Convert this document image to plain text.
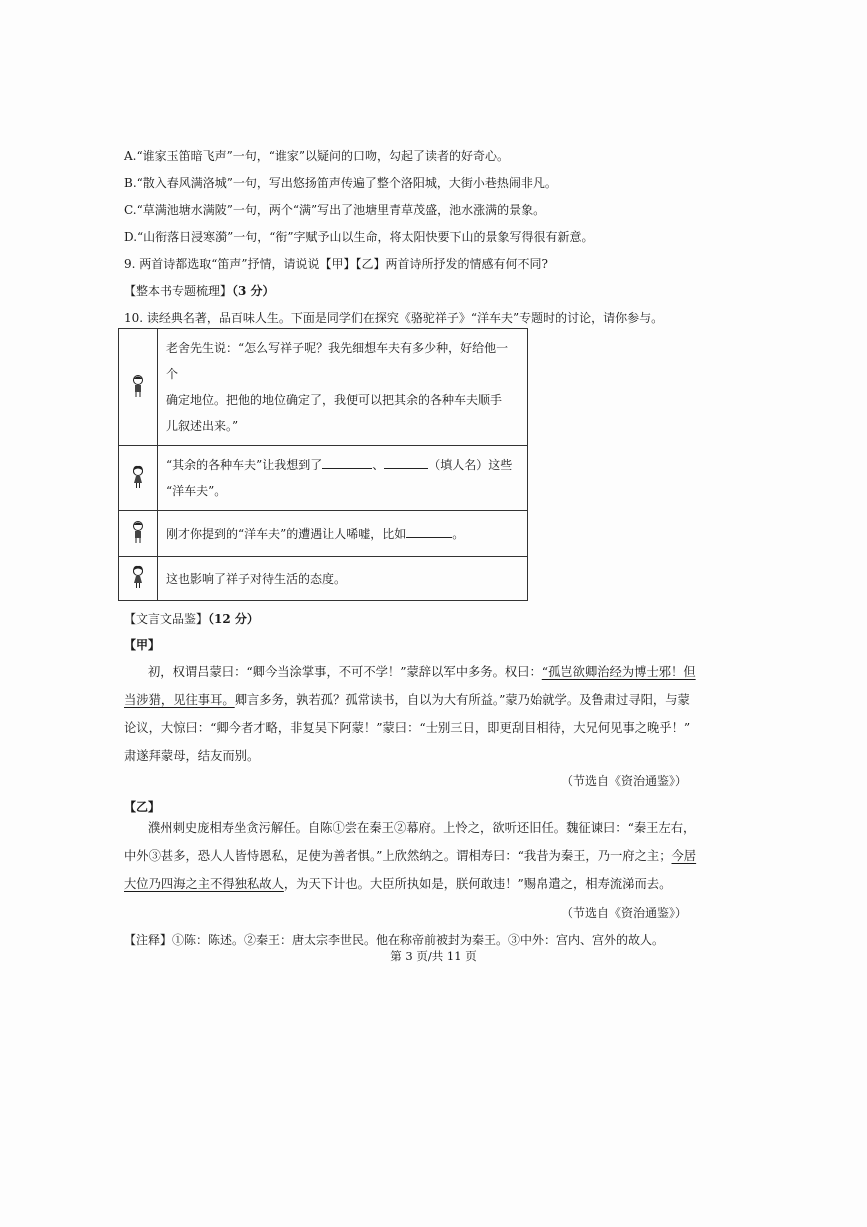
A.“谁家玉笛暗飞声”一句，“谁家”以疑问的口吻，勾起了读者的好奇心。
B.“散入春风满洛城”一句，写出悠扬笛声传遍了整个洛阳城，大街小巷热闹非凡。
C.“草满池塘水满陂”一句，两个“满”写出了池塘里青草茂盛，池水涨满的景象。
D.“山衔落日浸寒漪”一句，“衔”字赋予山以生命，将太阳快要下山的景象写得很有新意。
9. 两首诗都选取“笛声”抒情，请说说【甲】【乙】两首诗所抒发的情感有何不同?
【整本书专题梳理】（3 分）
10. 读经典名著，品百味人生。下面是同学们在探究《骆驼祥子》“洋车夫”专题时的讨论，请你参与。

老舍先生说：“怎么写祥子呢？我先细想车夫有多少种，好给他一个
确定地位。把他的地位确定了，我便可以把其余的各种车夫顺手
儿叙述出来。”

“其余的各种车夫”让我想到了 、 （填人名）这些
“洋车夫”。

	刚才你提到的“洋车夫”的遭遇让人唏嘘，比如 。
	这也影响了祥子对待生活的态度。
【文言文品鉴】（12 分）
【甲】

初，权谓吕蒙曰：“卿今当涂掌事，不可不学！”蒙辞以军中多务。权曰：“孤岂欲卿治经为博士邪！但

当涉猎，见往事耳。卿言多务，孰若孤？孤常读书，自以为大有所益。”蒙乃始就学。及鲁肃过寻阳，与蒙

论议，大惊曰：“卿今者才略，非复吴下阿蒙！”蒙曰：“士别三日，即更刮目相待，大兄何见事之晚乎！”

肃遂拜蒙母，结友而别。

（节选自《资治通鉴》）
【乙】

濮州刺史庞相寿坐贪污解任。自陈①尝在秦王②幕府。上怜之，欲听还旧任。魏征谏曰：“秦王左右，

中外③甚多，恐人人皆恃恩私，足使为善者惧。”上欣然纳之。谓相寿曰：“我昔为秦王，乃一府之主；今居

大位乃四海之主不得独私故人，为天下计也。大臣所执如是，朕何敢违！”赐帛遣之，相寿流涕而去。

（节选自《资治通鉴》）
【注释】①陈：陈述。②秦王：唐太宗李世民。他在称帝前被封为秦王。③中外：宫内、宫外的故人。
第 3 页/共 11 页
